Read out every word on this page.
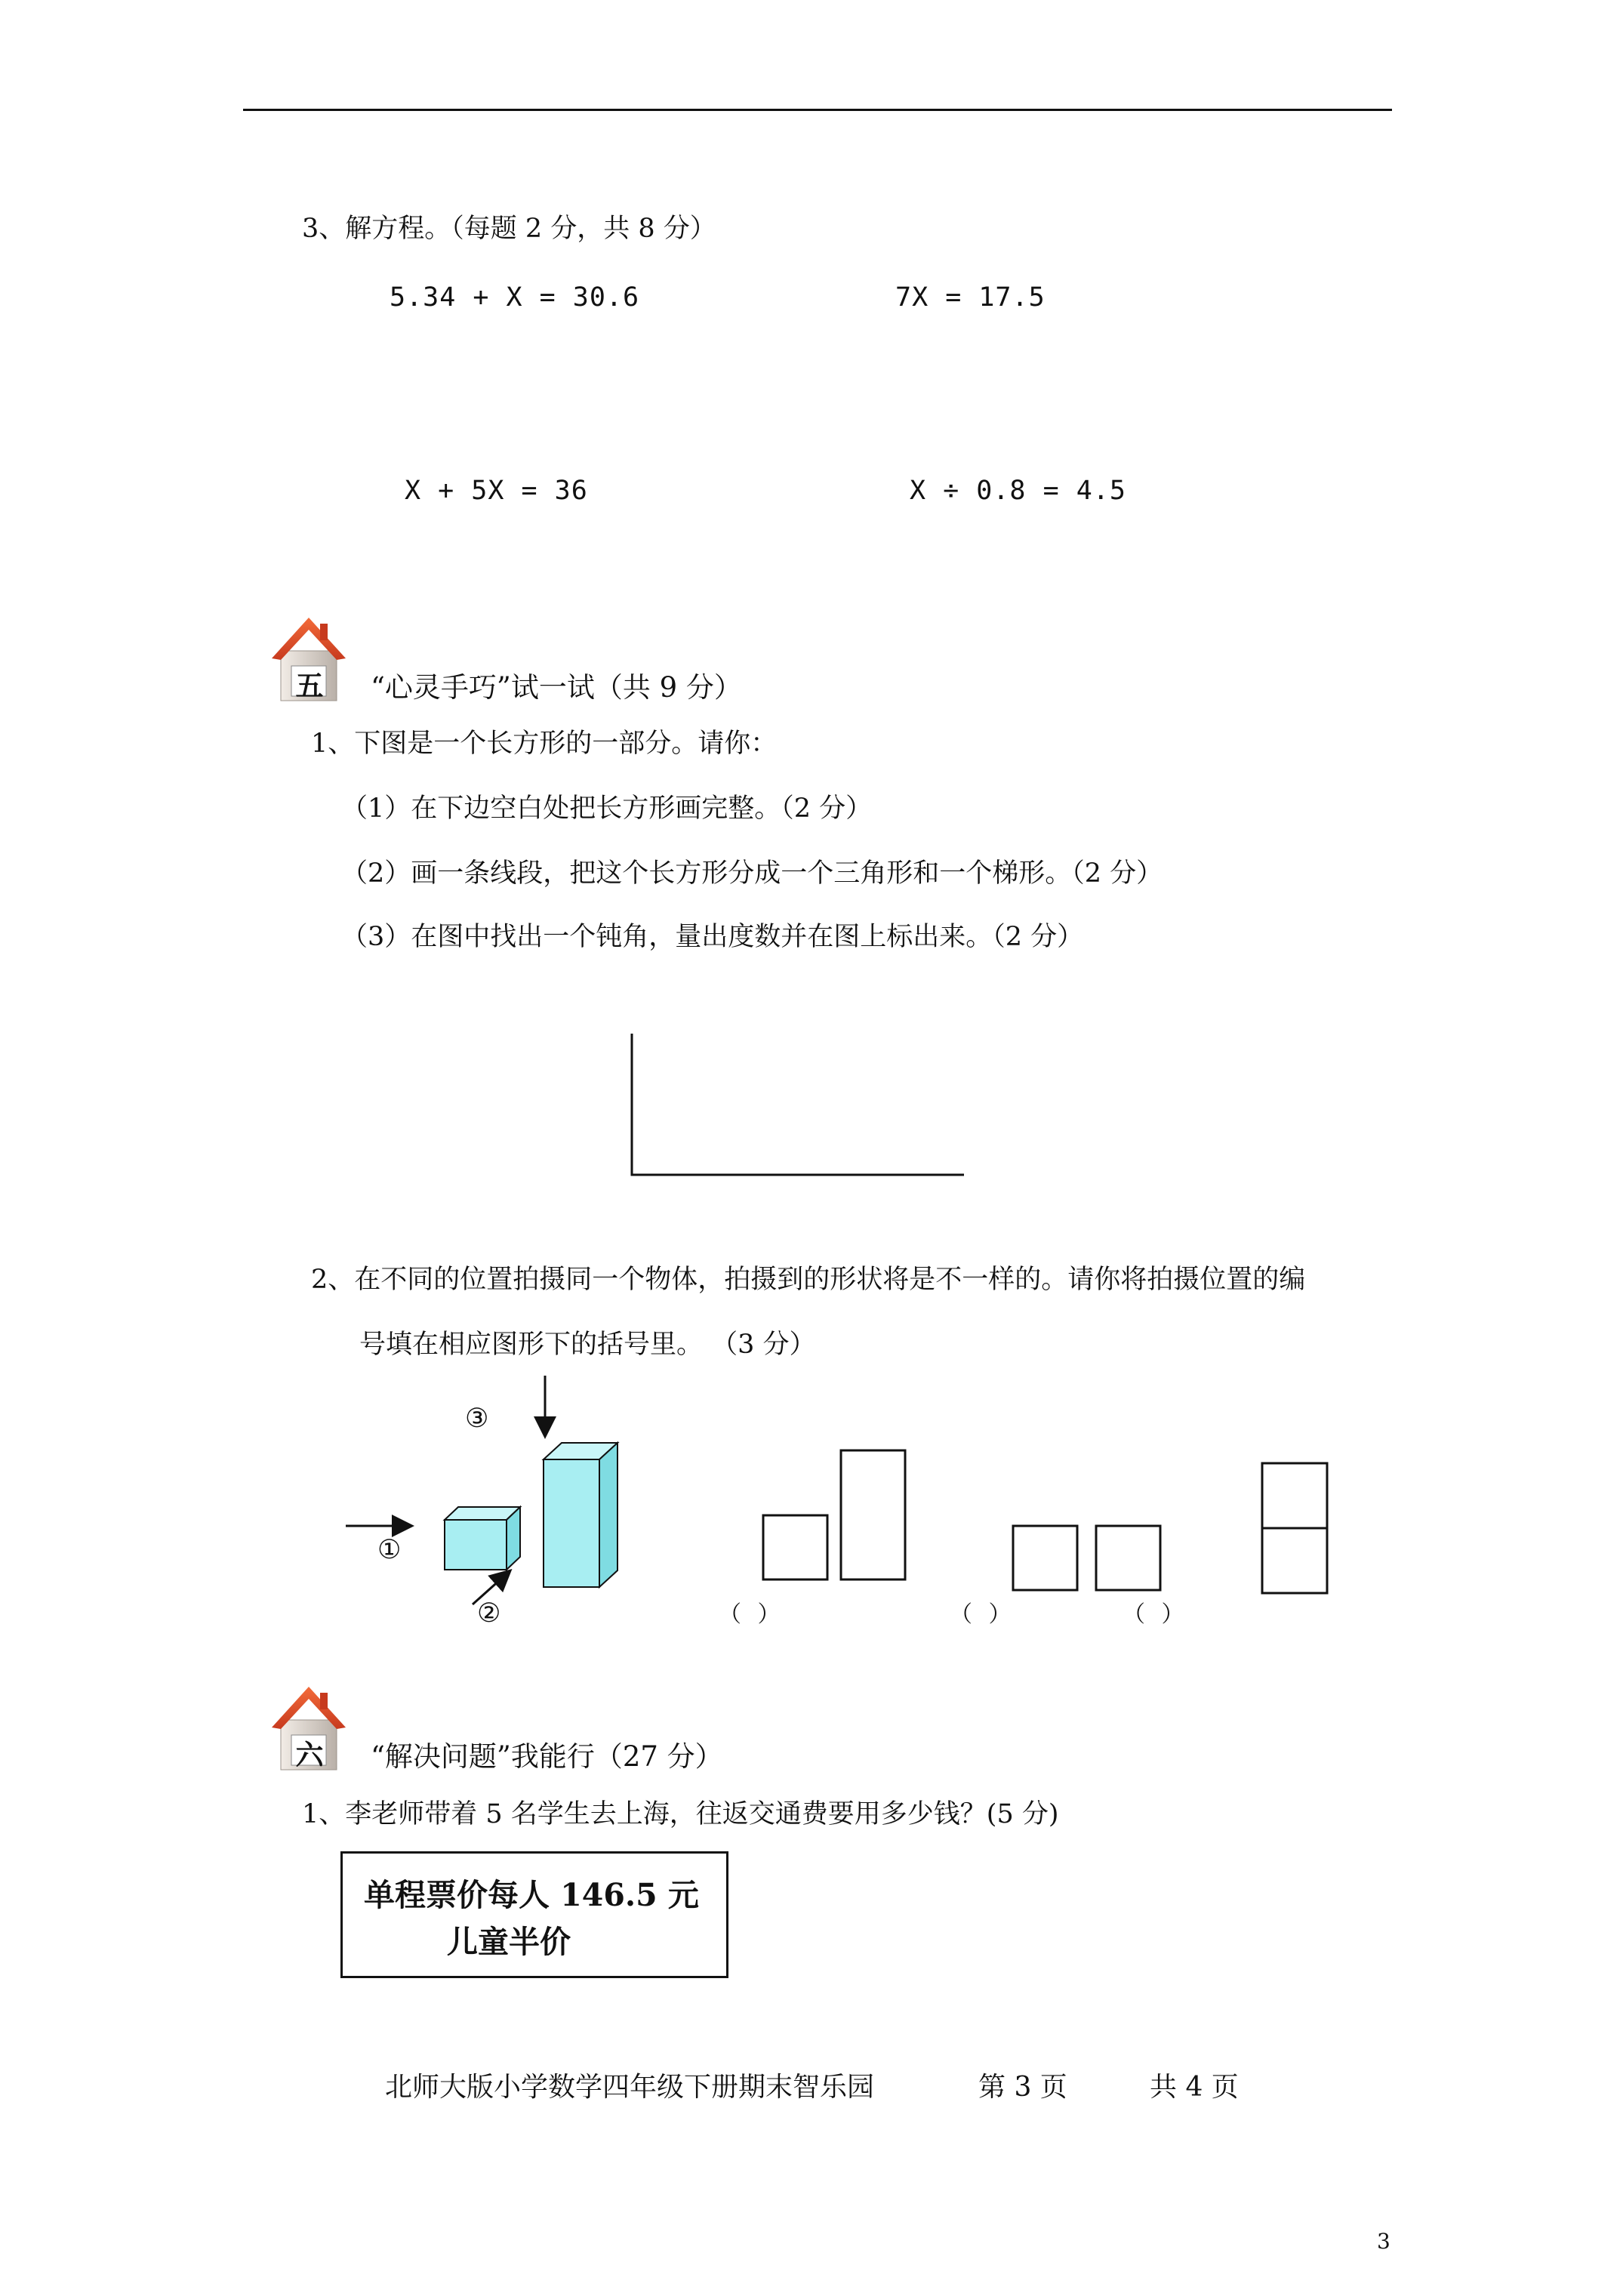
3、解方程。（每题 2 分，共 8 分）
5.34 + X = 30.6	7X = 17.5
X + 5X = 36	X ÷ 0.8 = 4.5
五 “心灵手巧”试一试（共 9 分）
1、下图是一个长方形的一部分。请你：
（1）在下边空白处把长方形画完整。（2 分）
（2）画一条线段，把这个长方形分成一个三角形和一个梯形。（2 分）
（3）在图中找出一个钝角，量出度数并在图上标出来。（2 分）
2、在不同的位置拍摄同一个物体，拍摄到的形状将是不一样的。请你将拍摄位置的编
号填在相应图形下的括号里。 （3 分）
①
②
③
（ ）	（ ）	（ ）
六 “解决问题”我能行（27 分）
1、李老师带着 5 名学生去上海，往返交通费要用多少钱？(5 分)
单程票价每人 146.5 元
儿童半价
北师大版小学数学四年级下册期末智乐园	第 3 页	共 4 页
3
